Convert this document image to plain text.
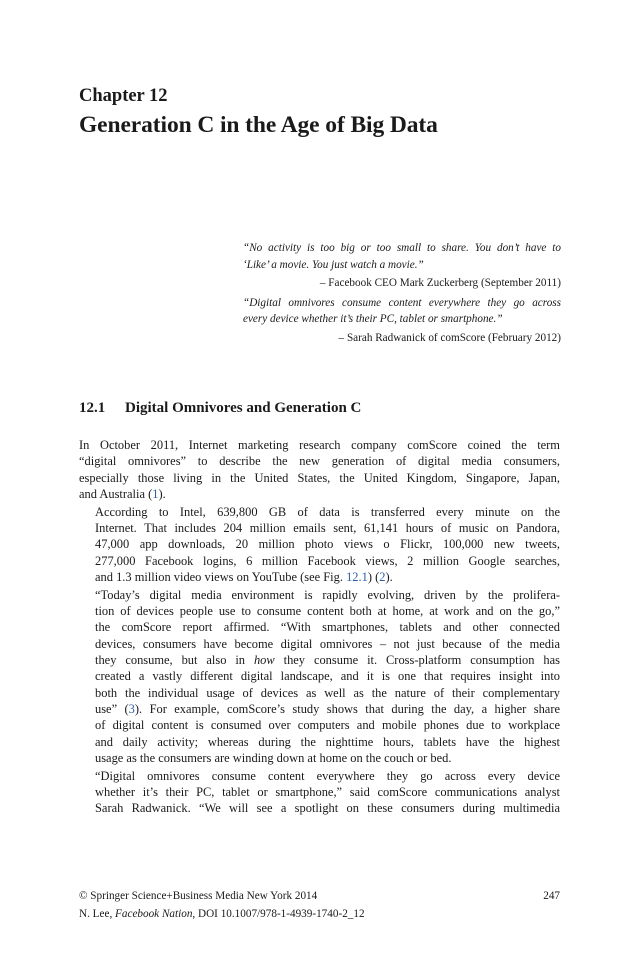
Chapter 12
Generation C in the Age of Big Data

“No activity is too big or too small to share. You don’t have to
‘Like’ a movie. You just watch a movie.”

– Facebook CEO Mark Zuckerberg (September 2011)

“Digital omnivores consume content everywhere they go across
every device whether it’s their PC, tablet or smartphone.”

– Sarah Radwanick of comScore (February 2012)

12.1 Digital Omnivores and Generation C

In October 2011, Internet marketing research company comScore coined the term
“digital omnivores” to describe the new generation of digital media consumers,
especially those living in the United States, the United Kingdom, Singapore, Japan,
and Australia (1).

According to Intel, 639,800 GB of data is transferred every minute on the
Internet. That includes 204 million emails sent, 61,141 hours of music on Pandora,
47,000 app downloads, 20 million photo views o Flickr, 100,000 new tweets,
277,000 Facebook logins, 6 million Facebook views, 2 million Google searches,
and 1.3 million video views on YouTube (see Fig. 12.1) (2).

“Today’s digital media environment is rapidly evolving, driven by the prolifera-
tion of devices people use to consume content both at home, at work and on the go,”
the comScore report affirmed. “With smartphones, tablets and other connected
devices, consumers have become digital omnivores – not just because of the media
they consume, but also in how they consume it. Cross-platform consumption has
created a vastly different digital landscape, and it is one that requires insight into
both the individual usage of devices as well as the nature of their complementary
use” (3). For example, comScore’s study shows that during the day, a higher share
of digital content is consumed over computers and mobile phones due to workplace
and daily activity; whereas during the nighttime hours, tablets have the highest
usage as the consumers are winding down at home on the couch or bed.

“Digital omnivores consume content everywhere they go across every device
whether it’s their PC, tablet or smartphone,” said comScore communications analyst
Sarah Radwanick. “We will see a spotlight on these consumers during multimedia

© Springer Science+Business Media New York 2014	247
N. Lee, Facebook Nation, DOI 10.1007/978-1-4939-1740-2_12
